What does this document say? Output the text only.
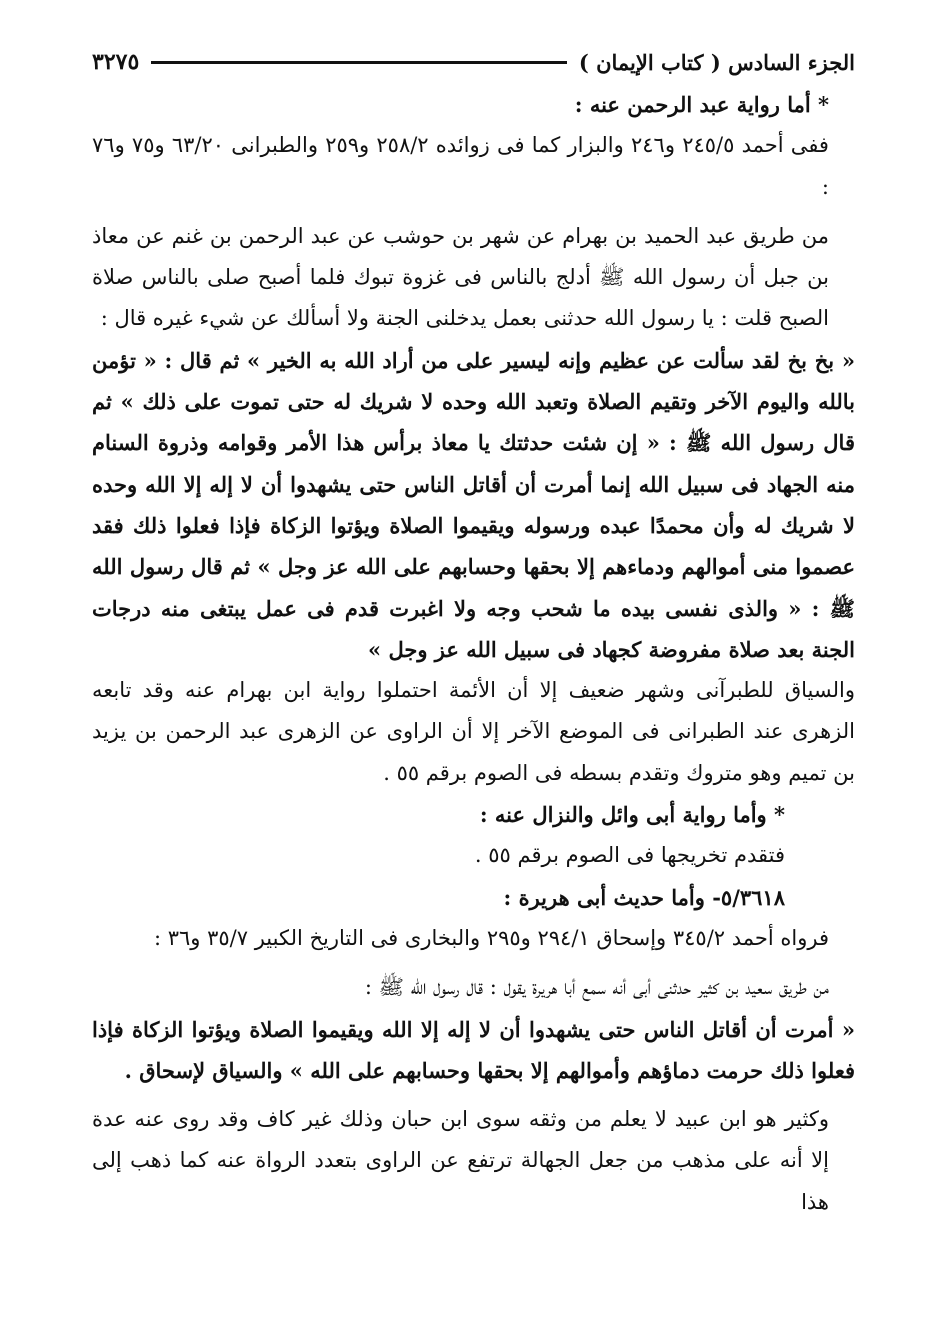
الجزء السادس ( كتاب الإيمان )
٣٢٧٥

* أما رواية عبد الرحمن عنه :

ففى أحمد ٢٤٥/٥ و٢٤٦ والبزار كما فى زوائده ٢٥٨/٢ و٢٥٩ والطبرانى ٦٣/٢٠ و٧٥ و٧٦ :

من طريق عبد الحميد بن بهرام عن شهر بن حوشب عن عبد الرحمن بن غنم عن معاذ بن جبل أن رسول الله ﷺ أدلج بالناس فى غزوة تبوك فلما أصبح صلى بالناس صلاة الصبح قلت : يا رسول الله حدثنى بعمل يدخلنى الجنة ولا أسألك عن شيء غيره قال :

« بخ بخ لقد سألت عن عظيم وإنه ليسير على من أراد الله به الخير » ثم قال : « تؤمن بالله واليوم الآخر وتقيم الصلاة وتعبد الله وحده لا شريك له حتى تموت على ذلك » ثم قال رسول الله ﷺ : « إن شئت حدثتك يا معاذ برأس هذا الأمر وقوامه وذروة السنام منه الجهاد فى سبيل الله إنما أمرت أن أقاتل الناس حتى يشهدوا أن لا إله إلا الله وحده لا شريك له وأن محمدًا عبده ورسوله ويقيموا الصلاة ويؤتوا الزكاة فإذا فعلوا ذلك فقد عصموا منى أموالهم ودماءهم إلا بحقها وحسابهم على الله عز وجل » ثم قال رسول الله ﷺ : « والذى نفسى بيده ما شحب وجه ولا اغبرت قدم فى عمل يبتغى منه درجات الجنة بعد صلاة مفروضة كجهاد فى سبيل الله عز وجل »

والسياق للطبرآنى وشهر ضعيف إلا أن الأئمة احتملوا رواية ابن بهرام عنه وقد تابعه الزهرى عند الطبرانى فى الموضع الآخر إلا أن الراوى عن الزهرى عبد الرحمن بن يزيد بن تميم وهو متروك وتقدم بسطه فى الصوم برقم ٥٥ .

* وأما رواية أبى وائل والنزال عنه :

فتقدم تخريجها فى الصوم برقم ٥٥ .

٥/٣٦١٨- وأما حديث أبى هريرة :

فرواه أحمد ٣٤٥/٢ وإسحاق ٢٩٤/١ و٢٩٥ والبخارى فى التاريخ الكبير ٣٥/٧ و٣٦ :

من طريق سعيد بن كثير حدثنى أبى أنه سمع أبا هريرة يقول : قال رسول الله ﷺ :

« أمرت أن أقاتل الناس حتى يشهدوا أن لا إله إلا الله ويقيموا الصلاة ويؤتوا الزكاة فإذا فعلوا ذلك حرمت دماؤهم وأموالهم إلا بحقها وحسابهم على الله » والسياق لإسحاق .

وكثير هو ابن عبيد لا يعلم من وثقه سوى ابن حبان وذلك غير كاف وقد روى عنه عدة إلا أنه على مذهب من جعل الجهالة ترتفع عن الراوى بتعدد الرواة عنه كما ذهب إلى هذا
